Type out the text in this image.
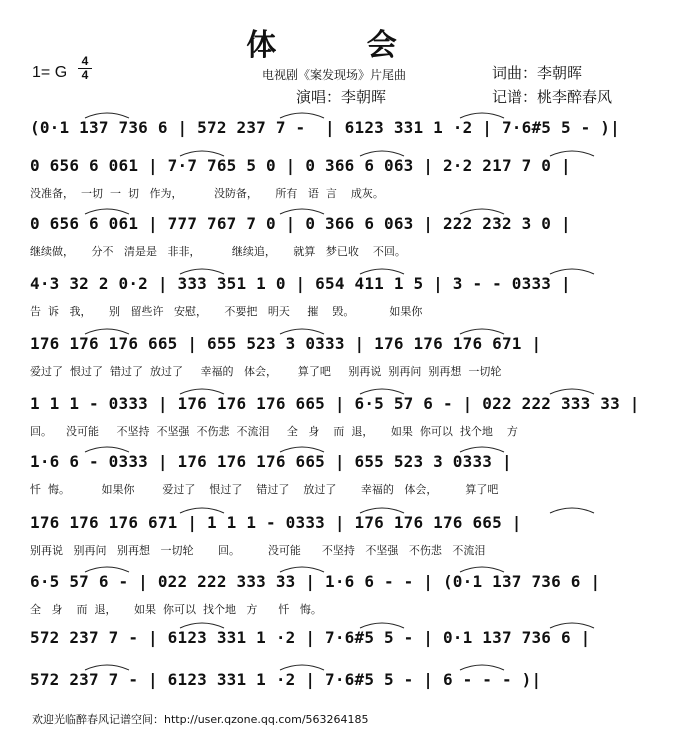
体 会
1= G
4
4	电视剧《案发现场》片尾曲	词曲：李朝晖
演唱：李朝晖	记谱：桃李醉春风
(0·1 137 736 6 | 572 237 7 -  | 6123 331 1 ·2 | 7·6#5 5 - )|
0 656 6 061 | 7·7 765 5 0 | 0 366 6 063 | 2·2 217 7 0 |
没准备，  一切  一  切   作为，         没防备，     所有   语  言    成灰。
0 656 6 061 | 777 767 7 0 | 0 366 6 063 | 222 232 3 0 |
继续做，     分不   清是是   非非，         继续追，     就算   梦已收    不回。
4·3 32 2 0·2 | 333 351 1 0 | 654 411 1 5 | 3 - - 0333 |
告  诉   我，     别   留些许   安慰，     不要把   明天     摧    毁。          如果你
176 176 176 665 | 655 523 3 0333 | 176 176 176 671 |
爱过了  恨过了  错过了  放过了     幸福的   体会，      算了吧     别再说  别再问  别再想  一切轮
1 1 1 - 0333 | 176 176 176 665 | 6·5 57 6 - | 022 222 333 33 |
回。    没可能     不坚持  不坚强  不伤悲  不流泪     全   身    而  退，     如果  你可以  找个地    方
1·6 6 - 0333 | 176 176 176 665 | 655 523 3 0333 |
忏  悔。         如果你        爱过了    恨过了    错过了    放过了       幸福的   体会，        算了吧
176 176 176 671 | 1 1 1 - 0333 | 176 176 176 665 |
别再说   别再问   别再想   一切轮       回。        没可能      不坚持   不坚强   不伤悲   不流泪
6·5 57 6 - | 022 222 333 33 | 1·6 6 - - | (0·1 137 736 6 |
全   身    而  退，     如果  你可以  找个地   方      忏   悔。
572 237 7 - | 6123 331 1 ·2 | 7·6#5 5 - | 0·1 137 736 6 |
572 237 7 - | 6123 331 1 ·2 | 7·6#5 5 - | 6 - - - )|
欢迎光临醉春风记谱空间：http://user.qzone.qq.com/563264185
